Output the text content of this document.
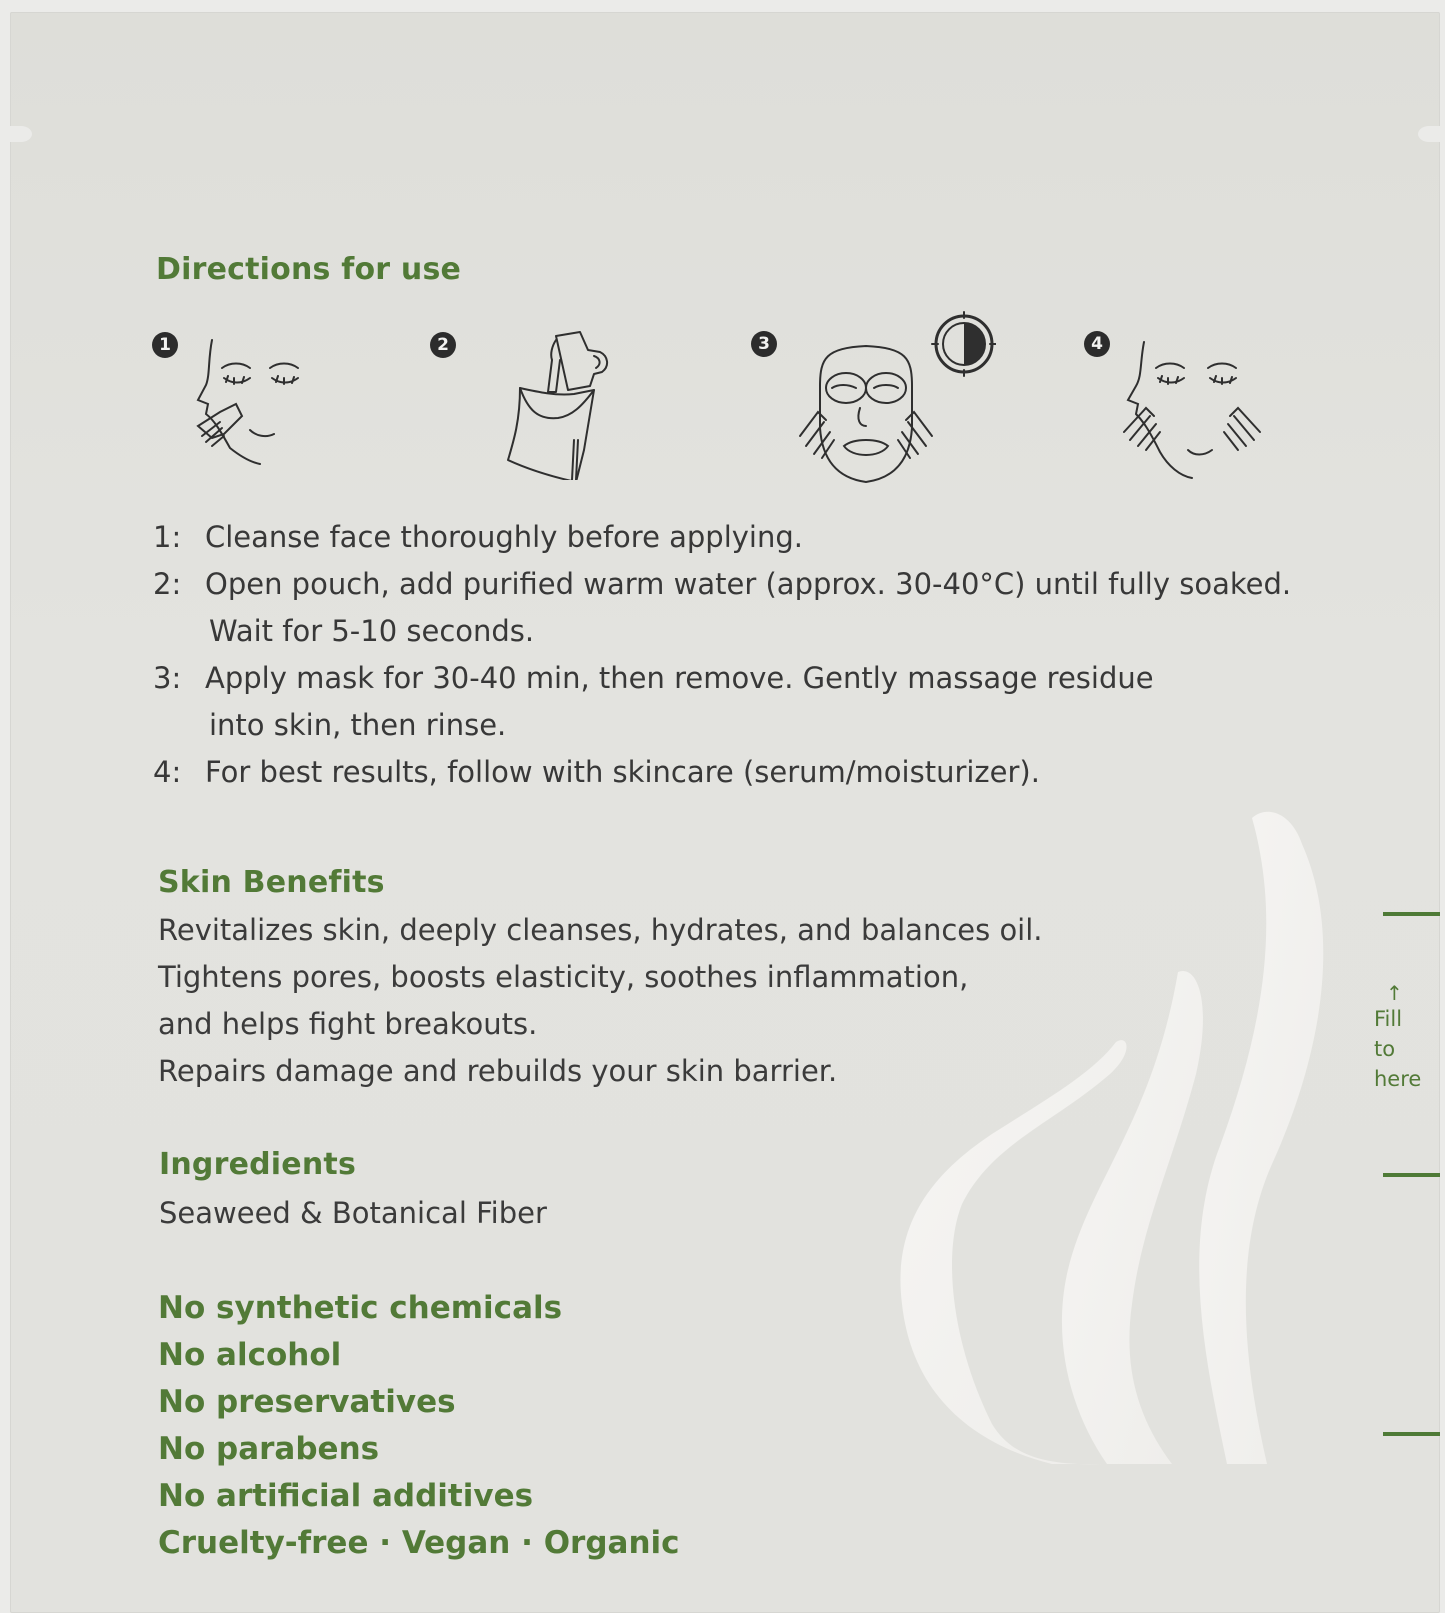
Directions for use
1	2	3	4
1: Cleanse face thoroughly before applying.
2: Open pouch, add purified warm water (approx. 30-40°C) until fully soaked.
Wait for 5-10 seconds.
3: Apply mask for 30-40 min, then remove. Gently massage residue
into skin, then rinse.
4: For best results, follow with skincare (serum/moisturizer).
Skin Benefits
Revitalizes skin, deeply cleanses, hydrates, and balances oil.
Tightens pores, boosts elasticity, soothes inflammation,
and helps fight breakouts.
Repairs damage and rebuilds your skin barrier.
Ingredients
Seaweed & Botanical Fiber
No synthetic chemicals
No alcohol
No preservatives
No parabens
No artificial additives
Cruelty-free · Vegan · Organic
↑
Fill
to
here
